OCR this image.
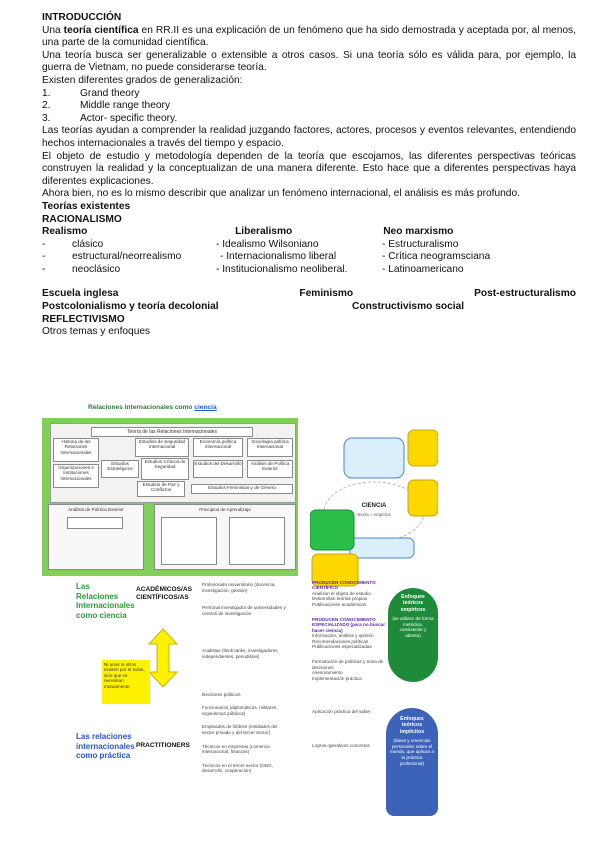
INTRODUCCIÓN

Una teoría científica en RR.II es una explicación de un fenómeno que ha sido demostrada y aceptada por, al menos, una parte de la comunidad científica.

Una teoría busca ser generalizable o extensible a otros casos. Si una teoría sólo es válida para, por ejemplo, la guerra de Vietnam, no puede considerarse teoría.

Existen diferentes grados de generalización:

1.	Grand theory
2.	Middle range theory
3.	Actor- specific theory.

Las teorías ayudan a comprender la realidad juzgando factores, actores, procesos y eventos relevantes, entendiendo hechos internacionales a través del tiempo y espacio.

El objeto de estudio y metodología dependen de la teoría que escojamos, las diferentes perspectivas teóricas construyen la realidad y la conceptualizan de una manera diferente. Esto hace que a diferentes perspectivas haya diferentes explicaciones.

Ahora bien, no es lo mismo describir que analizar un fenómeno internacional, el análisis es más profundo.

Teorías existentes

RACIONALISMO

Realismo	Liberalismo	Neo marxismo
-	clásico	- Idealismo Wilsoniano	- Estructuralismo
-	estructural/neorrealismo	- Internacionalismo liberal	- Crítica neogramsciana
-	neoclásico	- Institucionalismo neoliberal.	- Latinoamericano
Escuela inglesa	Feminismo	Post-estructuralismo
Postcolonialismo y teoría decolonial	Constructivismo social

REFLECTIVISMO

Otros temas y enfoques

Relaciones Internacionales como ciencia
Teoría de las Relaciones Internacionales
Estudios de Seguridad Internacional
Economía política internacional
Sociología política internacional
Historia de las Relaciones Internacionales
Organizaciones e Instituciones Internacionales
Estudios Estratégicos
Estudios Críticos de Seguridad
Estudios del Desarrollo	Análisis de Política Exterior
Estudios de Paz y Conflictos	Estudios Feministas y de Género
Análisis de Política Exterior	Principios de Aprendizaje
CIENCIA
teoría + empírica
Las Relaciones Internacionales como ciencia
Las relaciones internacionales como práctica
ACADÉMICOS/AS CIENTÍFICOS/AS
PRACTITIONERS
Ni unos ni otros existen por sí solos, sino que se necesitan mutuamente
Profesorado universitario (docencia, investigación, gestión)
Personal investigador de universidades y centros de investigación
Analistas (think tanks, investigadores independientes, periodistas)
Decisores políticos
Funcionarios (diplomáticos, militares, organismos públicos)
Empleados de lobbies (entidades del sector privado y del tercer sector)
Técnicos en empresas (comercio internacional, finanzas)
Técnicos en el tercer sector (ONG, desarrollo, cooperación)
PRODUCEN CONOCIMIENTO CIENTÍFICO
Analizan el objeto de estudio
Desarrollan teorías propias
Publicaciones académicas
PRODUCEN CONOCIMIENTO ESPECIALIZADO (para no buscar hacer ciencia)
Información, análisis y opinión
Recomendaciones políticas
Publicaciones especializadas
Formulación de políticas y toma de decisiones
Asesoramiento
Implementación práctica
Aplicación práctica del saber
Logros operativos concretos
Enfoques teóricos empíricos
(se utilizan de forma metódica, consistente y abierta)
Enfoques teóricos implícitos
(ideas y creencias personales sobre el mundo, que aplican a la práctica profesional)
